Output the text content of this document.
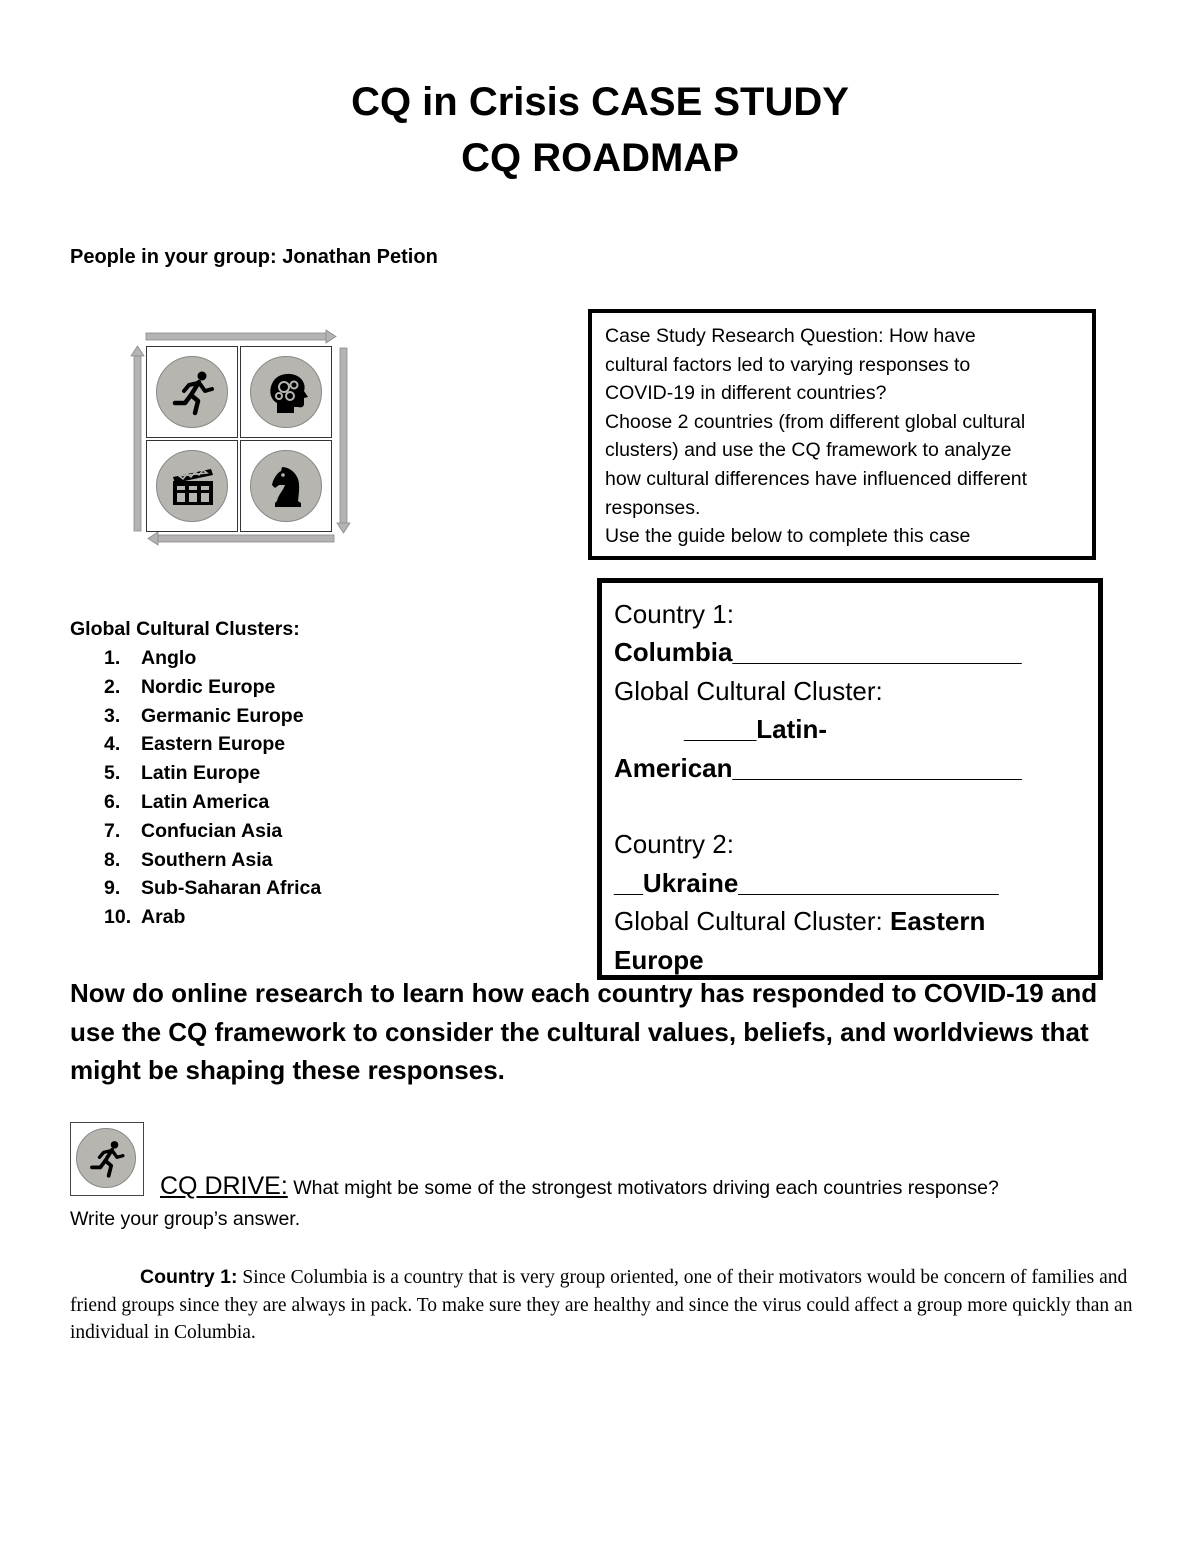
CQ in Crisis CASE STUDY
CQ ROADMAP
People in your group: Jonathan Petion
Case Study Research Question: How have
cultural factors led to varying responses to
COVID-19 in different countries?
Choose 2 countries (from different global cultural
clusters) and use the CQ framework to analyze
how cultural differences have influenced different
responses.
Use the guide below to complete this case
Country 1:
Columbia____________________
Global Cultural Cluster:
_____Latin-
American____________________
Country 2:
__Ukraine__________________
Global Cultural Cluster: Eastern
Europe
Global Cultural Clusters:
1.	Anglo
2.	Nordic Europe
3.	Germanic Europe
4.	Eastern Europe
5.	Latin Europe
6.	Latin America
7.	Confucian Asia
8.	Southern Asia
9.	Sub-Saharan Africa
10. Arab
Now do online research to learn how each country has responded to COVID-19 and use the CQ framework to consider the cultural values, beliefs, and worldviews that might be shaping these responses.
CQ DRIVE: What might be some of the strongest motivators driving each countries response?
Write your group’s answer.
Country 1: Since Columbia is a country that is very group oriented, one of their motivators would be concern of families and friend groups since they are always in pack. To make sure they are healthy and since the virus could affect a group more quickly than an individual in Columbia.
